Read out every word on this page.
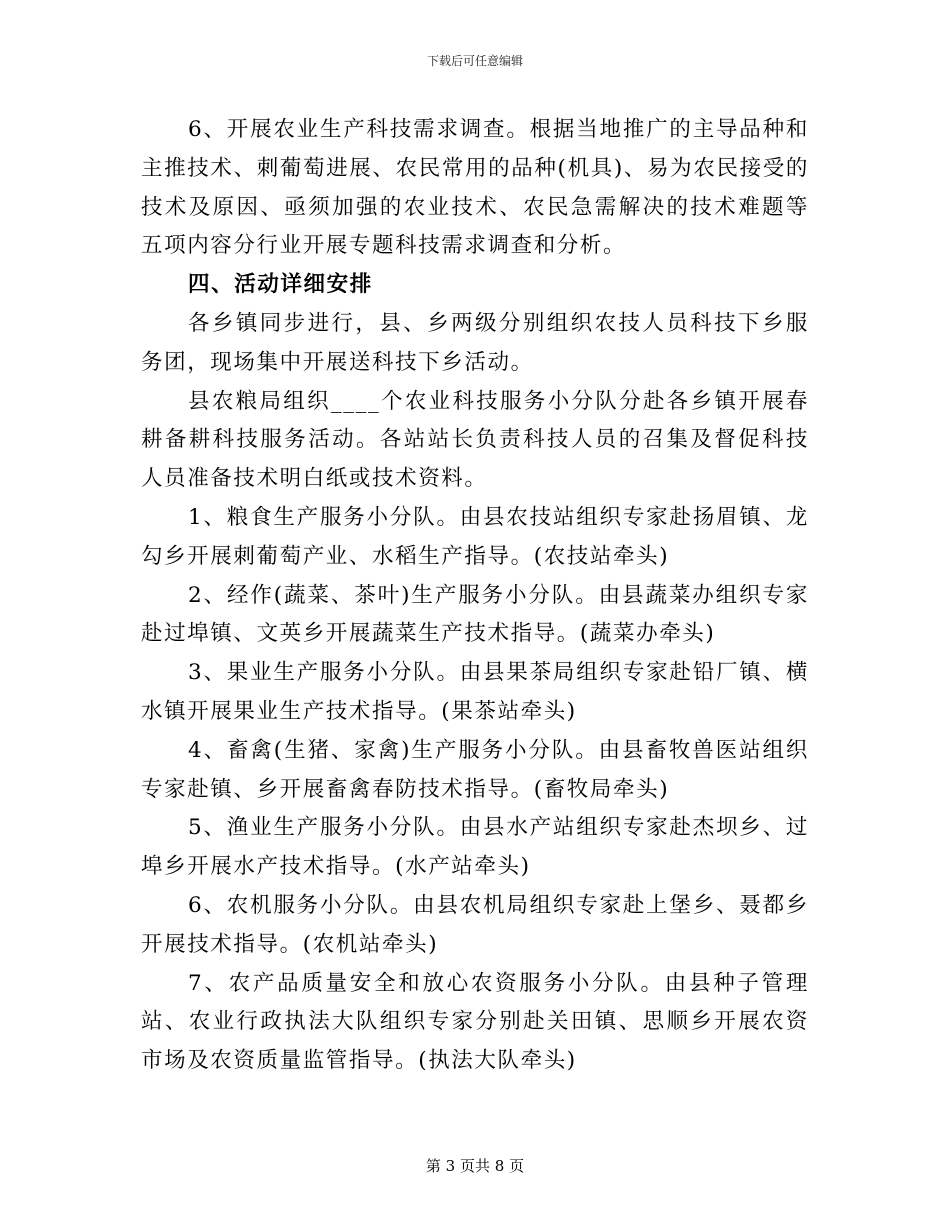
下载后可任意编辑

6、开展农业生产科技需求调查。根据当地推广的主导品种和主推技术、刺葡萄进展、农民常用的品种(机具)、易为农民接受的技术及原因、亟须加强的农业技术、农民急需解决的技术难题等五项内容分行业开展专题科技需求调查和分析。

四、活动详细安排

各乡镇同步进行，县、乡两级分别组织农技人员科技下乡服务团，现场集中开展送科技下乡活动。

县农粮局组织____个农业科技服务小分队分赴各乡镇开展春耕备耕科技服务活动。各站站长负责科技人员的召集及督促科技人员准备技术明白纸或技术资料。

1、粮食生产服务小分队。由县农技站组织专家赴扬眉镇、龙勾乡开展刺葡萄产业、水稻生产指导。(农技站牵头)

2、经作(蔬菜、茶叶)生产服务小分队。由县蔬菜办组织专家赴过埠镇、文英乡开展蔬菜生产技术指导。(蔬菜办牵头)

3、果业生产服务小分队。由县果茶局组织专家赴铅厂镇、横水镇开展果业生产技术指导。(果茶站牵头)

4、畜禽(生猪、家禽)生产服务小分队。由县畜牧兽医站组织专家赴镇、乡开展畜禽春防技术指导。(畜牧局牵头)

5、渔业生产服务小分队。由县水产站组织专家赴杰坝乡、过埠乡开展水产技术指导。(水产站牵头)

6、农机服务小分队。由县农机局组织专家赴上堡乡、聂都乡开展技术指导。(农机站牵头)

7、农产品质量安全和放心农资服务小分队。由县种子管理站、农业行政执法大队组织专家分别赴关田镇、思顺乡开展农资市场及农资质量监管指导。(执法大队牵头)

第 3 页共 8 页
